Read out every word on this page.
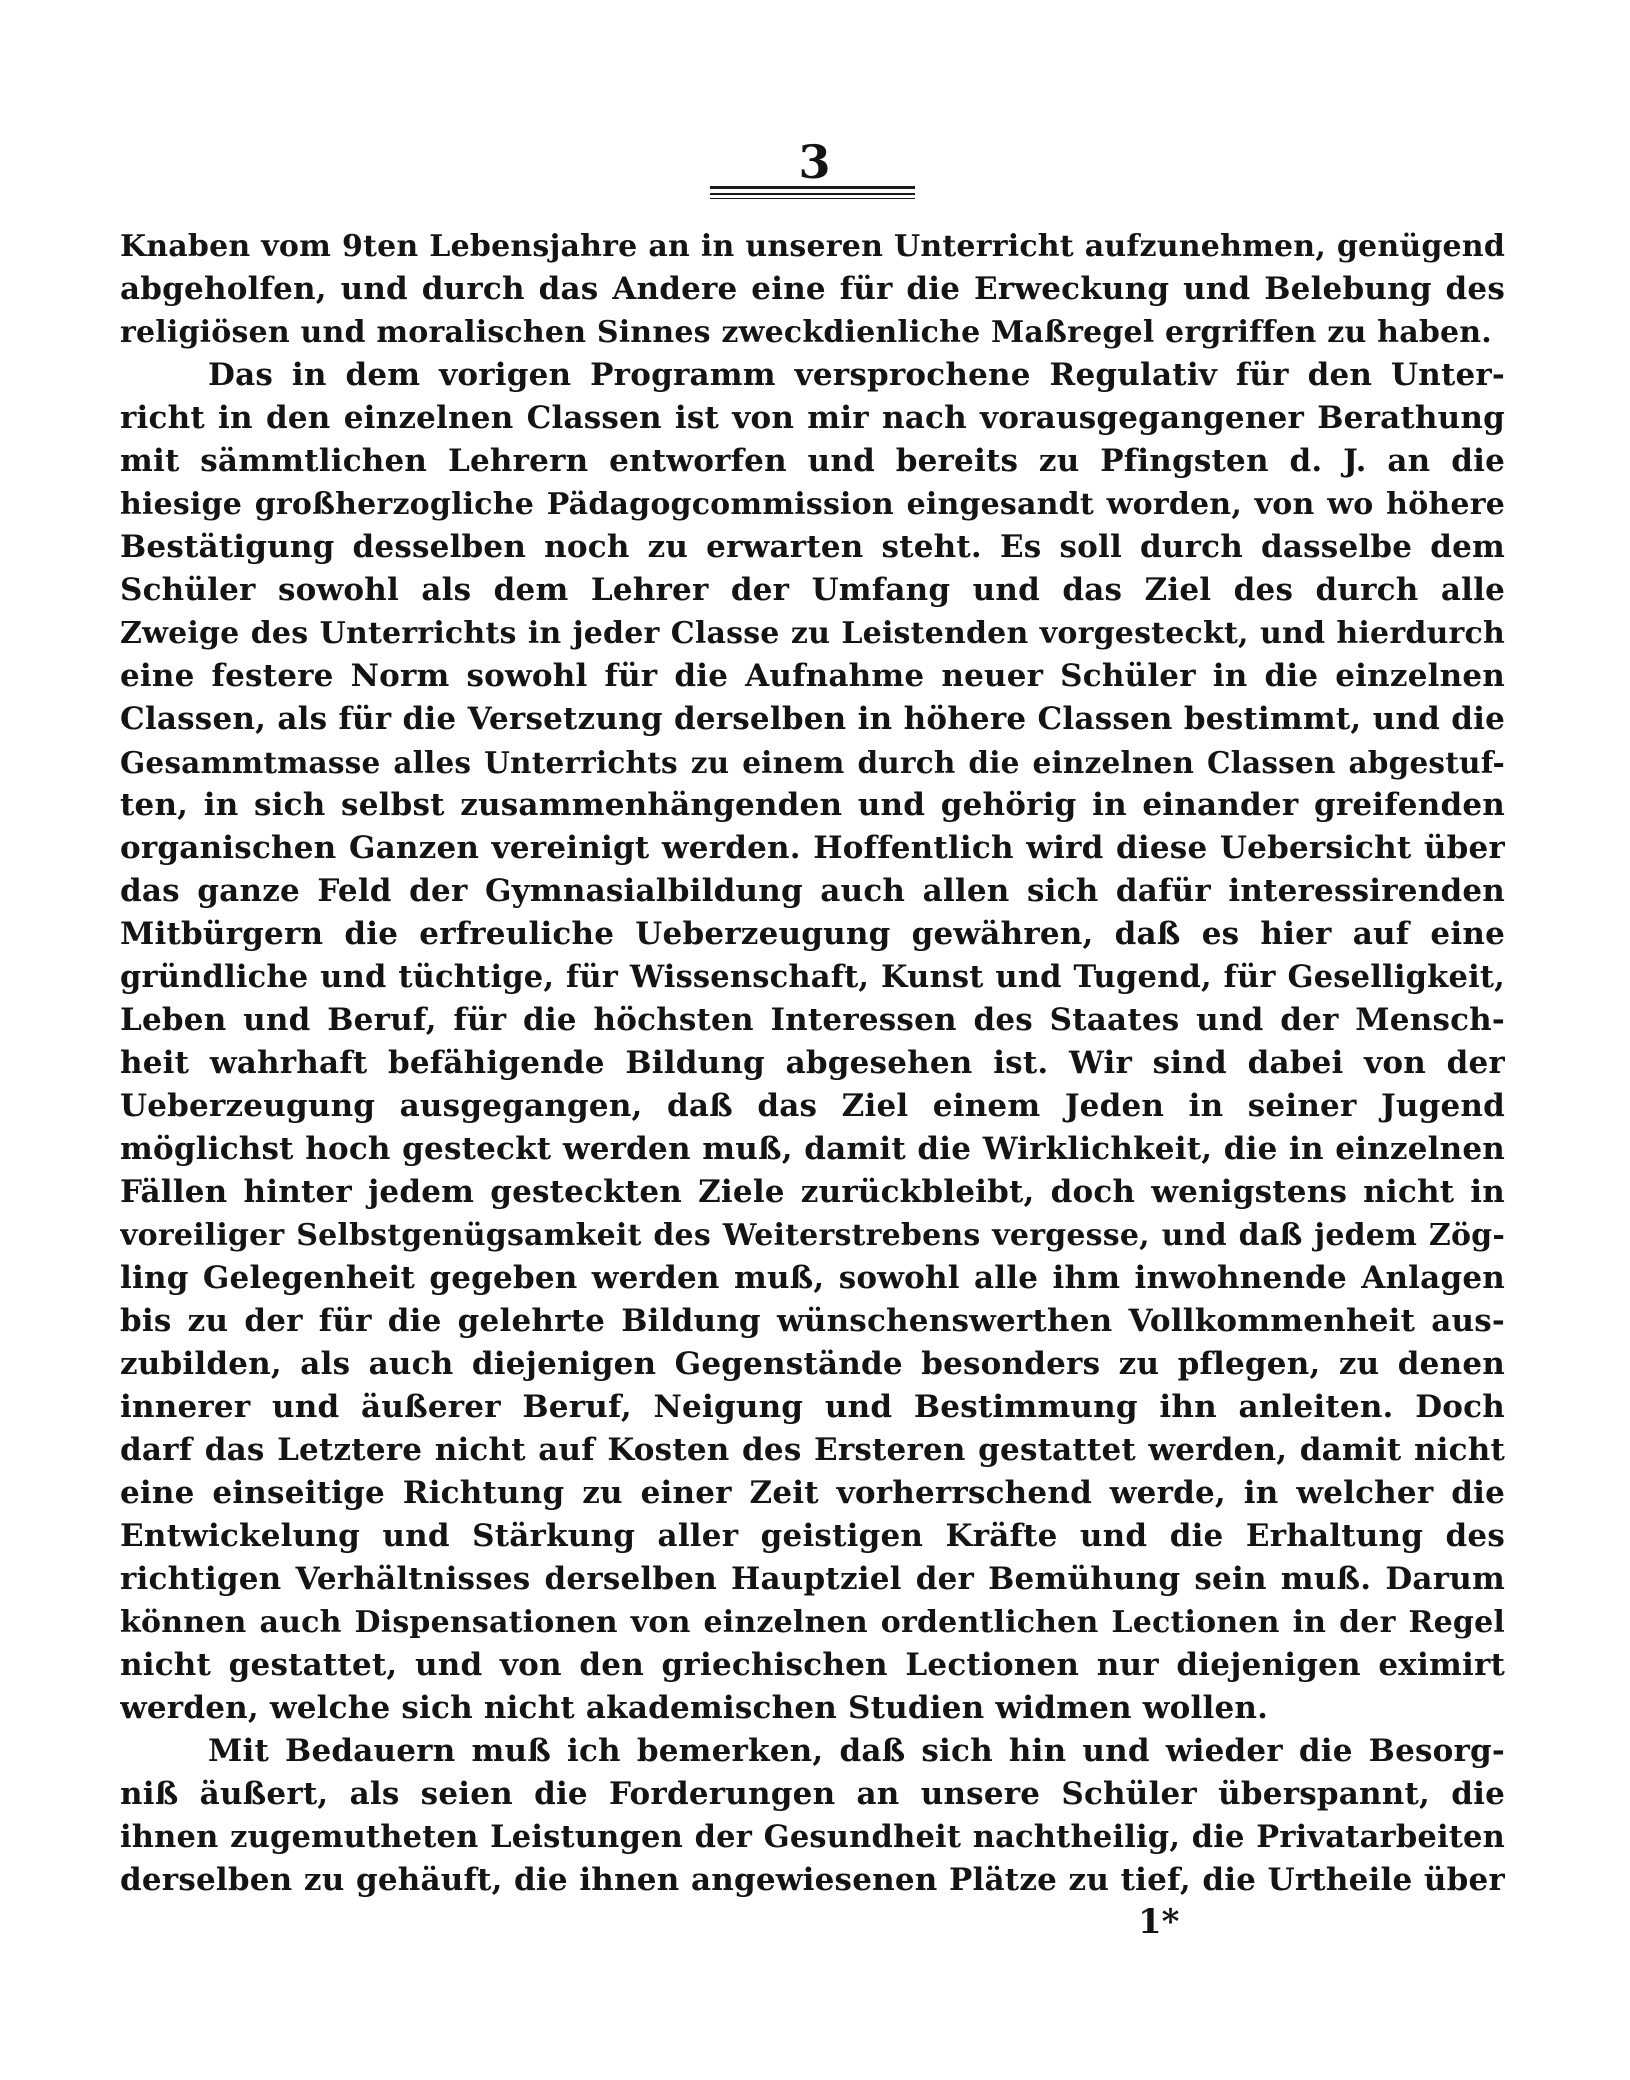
3
Knaben vom 9ten Lebensjahre an in unseren Unterricht aufzunehmen, genügend
abgeholfen, und durch das Andere eine für die Erweckung und Belebung des
religiösen und moralischen Sinnes zweckdienliche Maßregel ergriffen zu haben.
Das in dem vorigen Programm versprochene Regulativ für den Unter-
richt in den einzelnen Classen ist von mir nach vorausgegangener Berathung
mit sämmtlichen Lehrern entworfen und bereits zu Pfingsten d. J. an die
hiesige großherzogliche Pädagogcommission eingesandt worden, von wo höhere
Bestätigung desselben noch zu erwarten steht. Es soll durch dasselbe dem
Schüler sowohl als dem Lehrer der Umfang und das Ziel des durch alle
Zweige des Unterrichts in jeder Classe zu Leistenden vorgesteckt, und hierdurch
eine festere Norm sowohl für die Aufnahme neuer Schüler in die einzelnen
Classen, als für die Versetzung derselben in höhere Classen bestimmt, und die
Gesammtmasse alles Unterrichts zu einem durch die einzelnen Classen abgestuf-
ten, in sich selbst zusammenhängenden und gehörig in einander greifenden
organischen Ganzen vereinigt werden. Hoffentlich wird diese Uebersicht über
das ganze Feld der Gymnasialbildung auch allen sich dafür interessirenden
Mitbürgern die erfreuliche Ueberzeugung gewähren, daß es hier auf eine
gründliche und tüchtige, für Wissenschaft, Kunst und Tugend, für Geselligkeit,
Leben und Beruf, für die höchsten Interessen des Staates und der Mensch-
heit wahrhaft befähigende Bildung abgesehen ist. Wir sind dabei von der
Ueberzeugung ausgegangen, daß das Ziel einem Jeden in seiner Jugend
möglichst hoch gesteckt werden muß, damit die Wirklichkeit, die in einzelnen
Fällen hinter jedem gesteckten Ziele zurückbleibt, doch wenigstens nicht in
voreiliger Selbstgenügsamkeit des Weiterstrebens vergesse, und daß jedem Zög-
ling Gelegenheit gegeben werden muß, sowohl alle ihm inwohnende Anlagen
bis zu der für die gelehrte Bildung wünschenswerthen Vollkommenheit aus-
zubilden, als auch diejenigen Gegenstände besonders zu pflegen, zu denen
innerer und äußerer Beruf, Neigung und Bestimmung ihn anleiten. Doch
darf das Letztere nicht auf Kosten des Ersteren gestattet werden, damit nicht
eine einseitige Richtung zu einer Zeit vorherrschend werde, in welcher die
Entwickelung und Stärkung aller geistigen Kräfte und die Erhaltung des
richtigen Verhältnisses derselben Hauptziel der Bemühung sein muß. Darum
können auch Dispensationen von einzelnen ordentlichen Lectionen in der Regel
nicht gestattet, und von den griechischen Lectionen nur diejenigen eximirt
werden, welche sich nicht akademischen Studien widmen wollen.
Mit Bedauern muß ich bemerken, daß sich hin und wieder die Besorg-
niß äußert, als seien die Forderungen an unsere Schüler überspannt, die
ihnen zugemutheten Leistungen der Gesundheit nachtheilig, die Privatarbeiten
derselben zu gehäuft, die ihnen angewiesenen Plätze zu tief, die Urtheile über
1*
